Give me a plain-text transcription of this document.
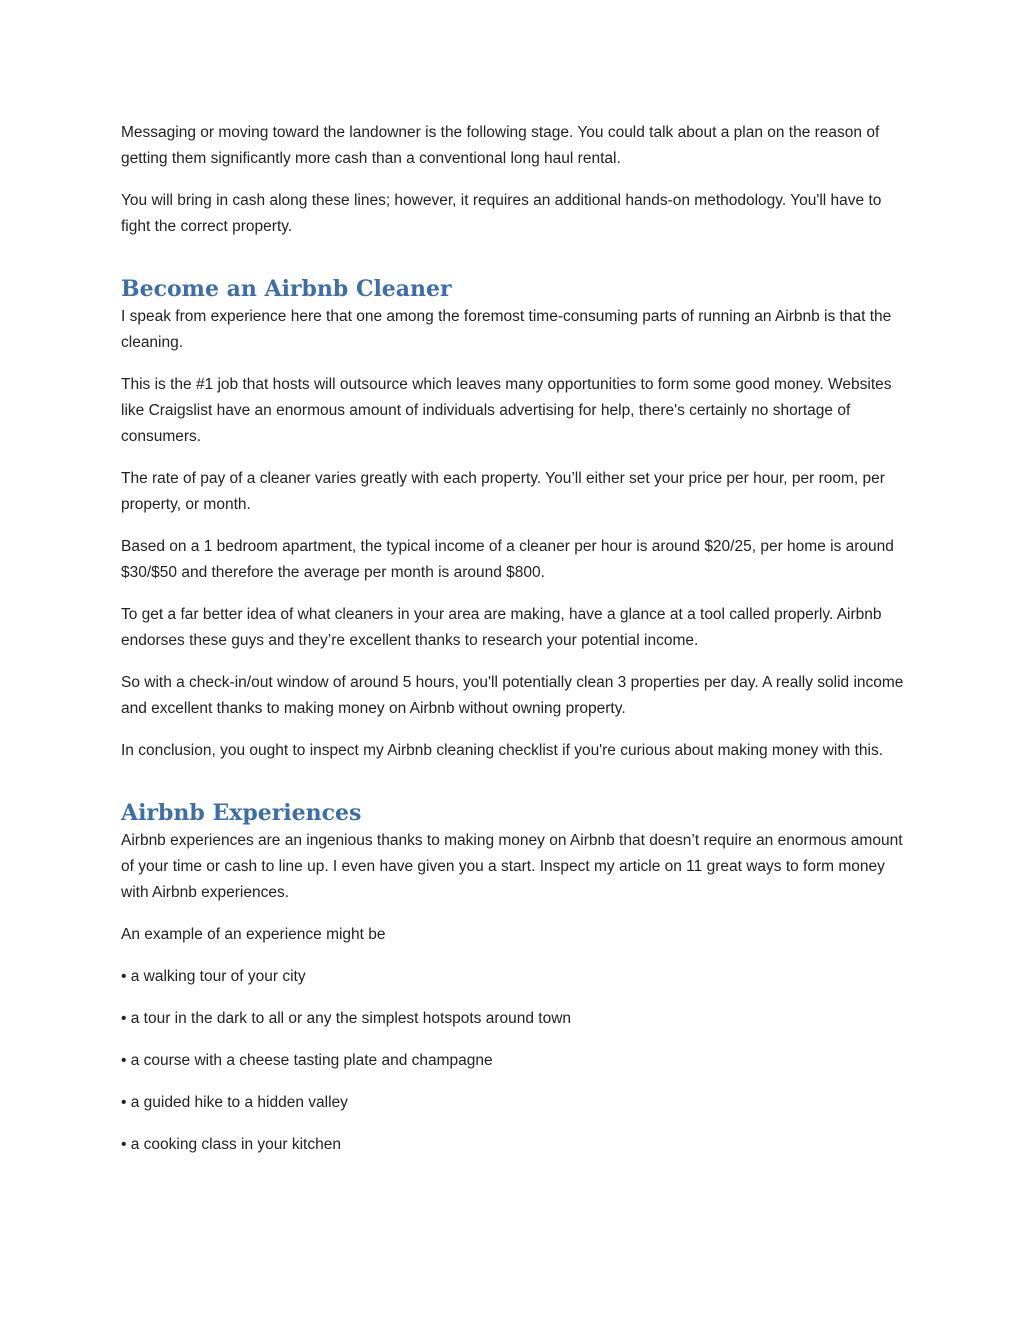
Messaging or moving toward the landowner is the following stage. You could talk about a plan on the reason of getting them significantly more cash than a conventional long haul rental.

You will bring in cash along these lines; however, it requires an additional hands-on methodology. You'll have to fight the correct property.

Become an Airbnb Cleaner

I speak from experience here that one among the foremost time-consuming parts of running an Airbnb is that the cleaning.

This is the #1 job that hosts will outsource which leaves many opportunities to form some good money. Websites like Craigslist have an enormous amount of individuals advertising for help, there's certainly no shortage of consumers.

The rate of pay of a cleaner varies greatly with each property. You’ll either set your price per hour, per room, per property, or month.

Based on a 1 bedroom apartment, the typical income of a cleaner per hour is around $20/25, per home is around $30/$50 and therefore the average per month is around $800.

To get a far better idea of what cleaners in your area are making, have a glance at a tool called properly. Airbnb endorses these guys and they’re excellent thanks to research your potential income.

So with a check-in/out window of around 5 hours, you'll potentially clean 3 properties per day. A really solid income and excellent thanks to making money on Airbnb without owning property.

In conclusion, you ought to inspect my Airbnb cleaning checklist if you're curious about making money with this.

Airbnb Experiences

Airbnb experiences are an ingenious thanks to making money on Airbnb that doesn’t require an enormous amount of your time or cash to line up. I even have given you a start. Inspect my article on 11 great ways to form money with Airbnb experiences.

An example of an experience might be

• a walking tour of your city

• a tour in the dark to all or any the simplest hotspots around town

• a course with a cheese tasting plate and champagne

• a guided hike to a hidden valley

• a cooking class in your kitchen
